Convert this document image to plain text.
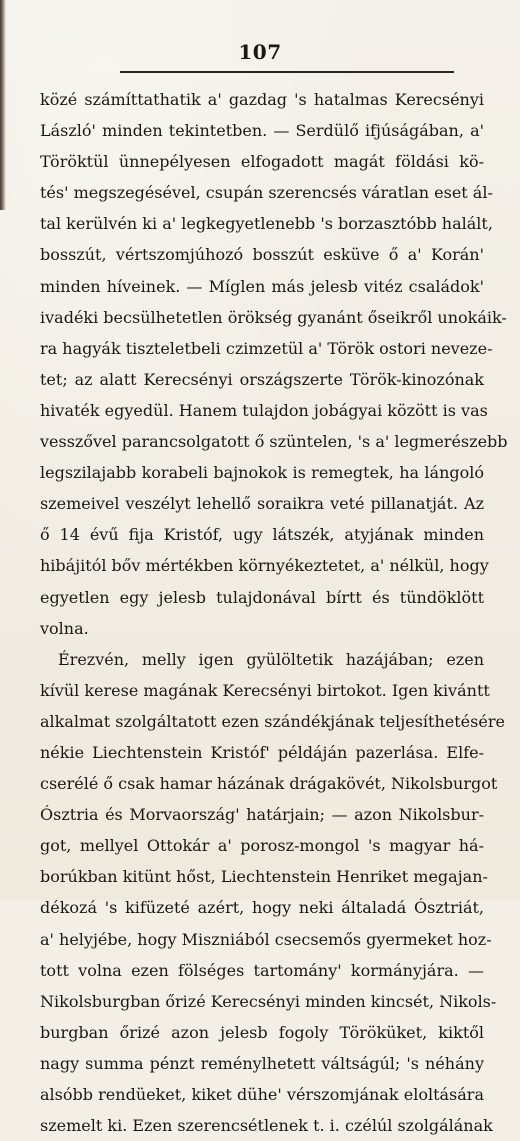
107
közé számíttathatik a' gazdag 's hatalmas Kerecsényi
László' minden tekintetben. — Serdülő ifjúságában, a'
Töröktül ünnepélyesen elfogadott magát földási kö-
tés' megszegésével, csupán szerencsés váratlan eset ál-
tal kerülvén ki a' legkegyetlenebb 's borzasztóbb halált,
bosszút, vértszomjúhozó bosszút esküve ő a' Korán'
minden híveinek. — Míglen más jelesb vitéz családok'
ivadéki becsülhetetlen örökség gyanánt őseikről unokáik-
ra hagyák tiszteletbeli czimzetül a' Török ostori neveze-
tet; az alatt Kerecsényi országszerte Török-kinozónak
hivaték egyedül. Hanem tulajdon jobágyai között is vas
vesszővel parancsolgatott ő szüntelen, 's a' legmerészebb
legszilajabb korabeli bajnokok is remegtek, ha lángoló
szemeivel veszélyt lehellő soraikra veté pillanatját. Az
ő 14 évű fija Kristóf, ugy látszék, atyjának minden
hibájitól bőv mértékben környékeztetet, a' nélkül, hogy
egyetlen egy jelesb tulajdonával bírtt és tündöklött
volna.
Érezvén, melly igen gyülöltetik hazájában; ezen
kívül kerese magának Kerecsényi birtokot. Igen kivántt
alkalmat szolgáltatott ezen szándékjának teljesíthetésére
nékie Liechtenstein Kristóf' példáján pazerlása. Elfe-
cserélé ő csak hamar házának drágakövét, Nikolsburgot
Ósztria és Morvaország' határjain; — azon Nikolsbur-
got, mellyel Ottokár a' porosz-mongol 's magyar há-
borúkban kitünt hőst, Liechtenstein Henriket megajan-
dékozá 's kifüzeté azért, hogy neki általadá Ósztriát,
a' helyjébe, hogy Miszniából csecsemős gyermeket hoz-
tott volna ezen fölséges tartomány' kormányjára. —
Nikolsburgban őrizé Kerecsényi minden kincsét, Nikols-
burgban őrizé azon jelesb fogoly Töröküket, kiktől
nagy summa pénzt reménylhetett váltságúl; 's néhány
alsóbb rendüeket, kiket dühe' vérszomjának eloltására
szemelt ki. Ezen szerencsétlenek t. i. czélúl szolgálának
